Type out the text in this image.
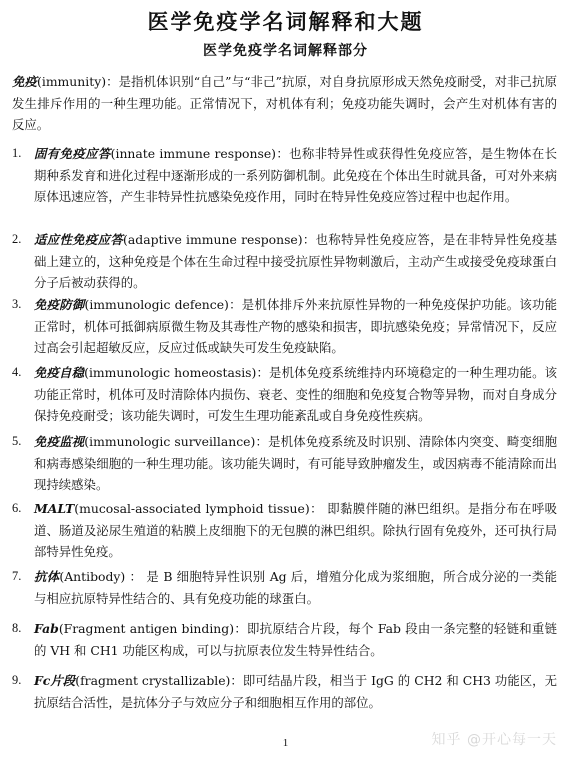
医学免疫学名词解释和大题
医学免疫学名词解释部分

免疫(immunity)：是指机体识别“自己”与“非己”抗原，对自身抗原形成天然免疫耐受，对非己抗原发生排斥作用的一种生理功能。正常情况下，对机体有利；免疫功能失调时，会产生对机体有害的反应。

1. 固有免疫应答(innate immune response)：也称非特异性或获得性免疫应答，是生物体在长期种系发育和进化过程中逐渐形成的一系列防御机制。此免疫在个体出生时就具备，可对外来病原体迅速应答，产生非特异性抗感染免疫作用，同时在特异性免疫应答过程中也起作用。

2. 适应性免疫应答(adaptive immune response)：也称特异性免疫应答，是在非特异性免疫基础上建立的，这种免疫是个体在生命过程中接受抗原性异物刺激后，主动产生或接受免疫球蛋白分子后被动获得的。

3. 免疫防御(immunologic defence)：是机体排斥外来抗原性异物的一种免疫保护功能。该功能正常时，机体可抵御病原微生物及其毒性产物的感染和损害，即抗感染免疫；异常情况下，反应过高会引起超敏反应，反应过低或缺失可发生免疫缺陷。

4. 免疫自稳(immunologic homeostasis)：是机体免疫系统维持内环境稳定的一种生理功能。该功能正常时，机体可及时清除体内损伤、衰老、变性的细胞和免疫复合物等异物，而对自身成分保持免疫耐受；该功能失调时，可发生生理功能紊乱或自身免疫性疾病。

5. 免疫监视(immunologic surveillance)：是机体免疫系统及时识别、清除体内突变、畸变细胞和病毒感染细胞的一种生理功能。该功能失调时，有可能导致肿瘤发生，或因病毒不能清除而出现持续感染。

6. MALT(mucosal-associated lymphoid tissue)： 即黏膜伴随的淋巴组织。是指分布在呼吸道、肠道及泌尿生殖道的粘膜上皮细胞下的无包膜的淋巴组织。除执行固有免疫外，还可执行局部特异性免疫。

7. 抗体(Antibody) ： 是 B 细胞特异性识别 Ag 后，增殖分化成为浆细胞，所合成分泌的一类能与相应抗原特异性结合的、具有免疫功能的球蛋白。

8. Fab(Fragment antigen binding)：即抗原结合片段，每个 Fab 段由一条完整的轻链和重链的 VH 和 CH1 功能区构成，可以与抗原表位发生特异性结合。

9. Fc片段(fragment crystallizable)：即可结晶片段，相当于 IgG 的 CH2 和 CH3 功能区，无抗原结合活性，是抗体分子与效应分子和细胞相互作用的部位。

1	知乎 @开心每一天
